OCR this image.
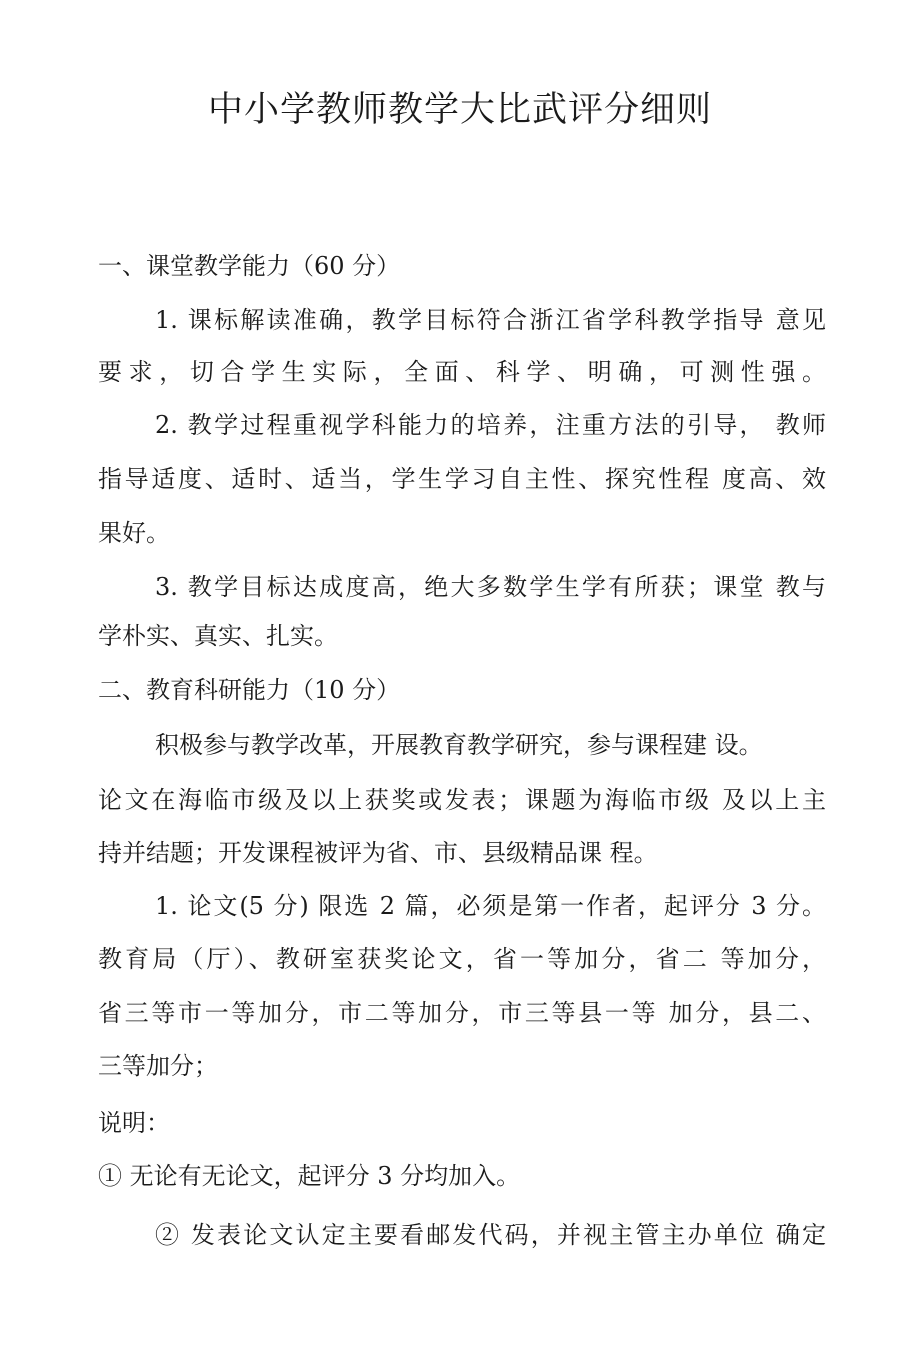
中小学教师教学大比武评分细则
一、课堂教学能力（60 分）
1. 课标解读准确，教学目标符合浙江省学科教学指导 意见
要求，切合学生实际，全面、科学、明确，可测性强。
2. 教学过程重视学科能力的培养，注重方法的引导， 教师
指导适度、适时、适当，学生学习自主性、探究性程 度高、效
果好。
3. 教学目标达成度高，绝大多数学生学有所获；课堂 教与
学朴实、真实、扎实。
二、教育科研能力（10 分）
积极参与教学改革，开展教育教学研究，参与课程建 设。
论文在海临市级及以上获奖或发表；课题为海临市级 及以上主
持并结题；开发课程被评为省、市、县级精品课 程。
1. 论文(5 分) 限选 2 篇，必须是第一作者，起评分 3 分。
教育局（厅）、教研室获奖论文，省一等加分，省二 等加分，
省三等市一等加分，市二等加分，市三等县一等 加分，县二、
三等加分；
说明：
① 无论有无论文，起评分 3 分均加入。
② 发表论文认定主要看邮发代码，并视主管主办单位 确定
